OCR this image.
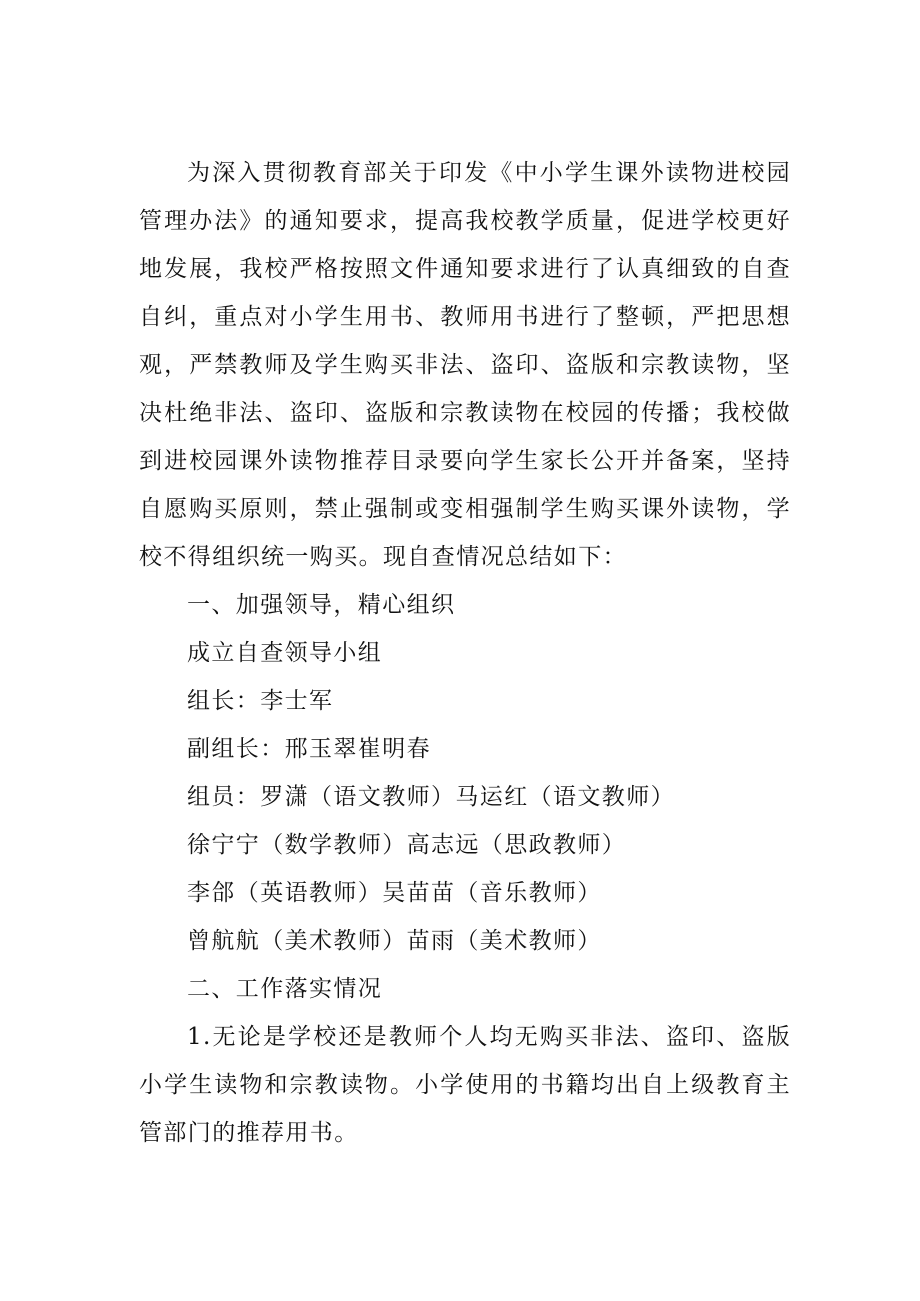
为深入贯彻教育部关于印发《中小学生课外读物进校园管理办法》的通知要求，提高我校教学质量，促进学校更好地发展，我校严格按照文件通知要求进行了认真细致的自查自纠，重点对小学生用书、教师用书进行了整顿，严把思想观，严禁教师及学生购买非法、盗印、盗版和宗教读物，坚决杜绝非法、盗印、盗版和宗教读物在校园的传播；我校做到进校园课外读物推荐目录要向学生家长公开并备案，坚持自愿购买原则，禁止强制或变相强制学生购买课外读物，学校不得组织统一购买。现自查情况总结如下：

一、加强领导，精心组织

成立自查领导小组

组长：李士军

副组长：邢玉翠崔明春

组员：罗潇（语文教师）马运红（语文教师）

徐宁宁（数学教师）高志远（思政教师）

李郃（英语教师）吴苗苗（音乐教师）

曾航航（美术教师）苗雨（美术教师）

二、工作落实情况

1.无论是学校还是教师个人均无购买非法、盗印、盗版小学生读物和宗教读物。小学使用的书籍均出自上级教育主管部门的推荐用书。
